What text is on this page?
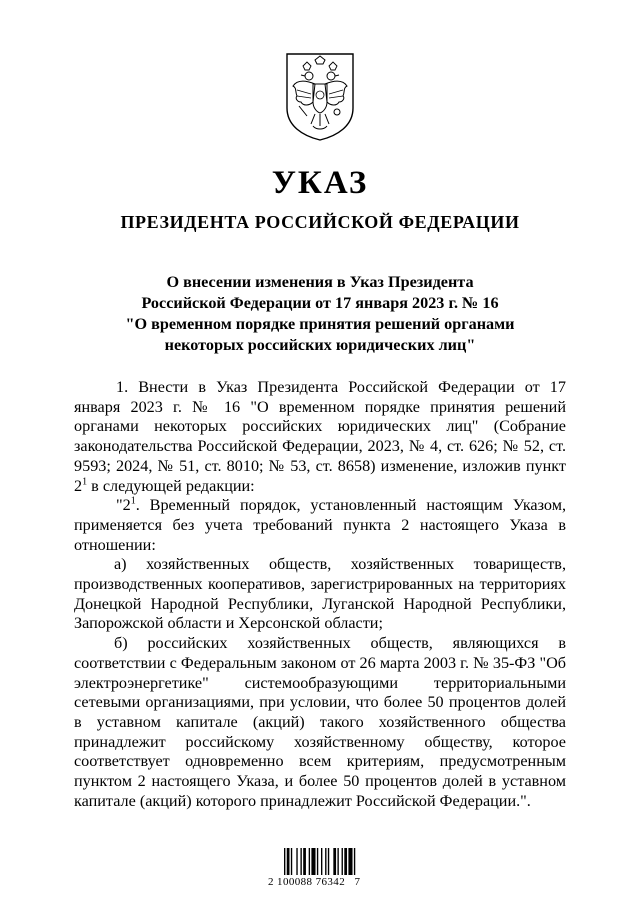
УКАЗ
ПРЕЗИДЕНТА РОССИЙСКОЙ ФЕДЕРАЦИИ
О внесении изменения в Указ Президента
Российской Федерации от 17 января 2023 г. № 16
"О временном порядке принятия решений органами
некоторых российских юридических лиц"

1. Внести в Указ Президента Российской Федерации от 17 января 2023 г. № 16 "О временном порядке принятия решений органами некоторых российских юридических лиц" (Собрание законодательства Российской Федерации, 2023, № 4, ст. 626; № 52, ст. 9593; 2024, № 51, ст. 8010; № 53, ст. 8658) изменение, изложив пункт $2^1$ в следующей редакции:

"$2^1$. Временный порядок, установленный настоящим Указом, применяется без учета требований пункта 2 настоящего Указа в отношении:

а) хозяйственных обществ, хозяйственных товариществ, производственных кооперативов, зарегистрированных на территориях Донецкой Народной Республики, Луганской Народной Республики, Запорожской области и Херсонской области;

б) российских хозяйственных обществ, являющихся в соответствии с Федеральным законом от 26 марта 2003 г. № 35-ФЗ "Об электроэнергетике" системообразующими территориальными сетевыми организациями, при условии, что более 50 процентов долей в уставном капитале (акций) такого хозяйственного общества принадлежит российскому хозяйственному обществу, которое соответствует одновременно всем критериям, предусмотренным пунктом 2 настоящего Указа, и более 50 процентов долей в уставном капитале (акций) которого принадлежит Российской Федерации.".

2 100088 76342   7
